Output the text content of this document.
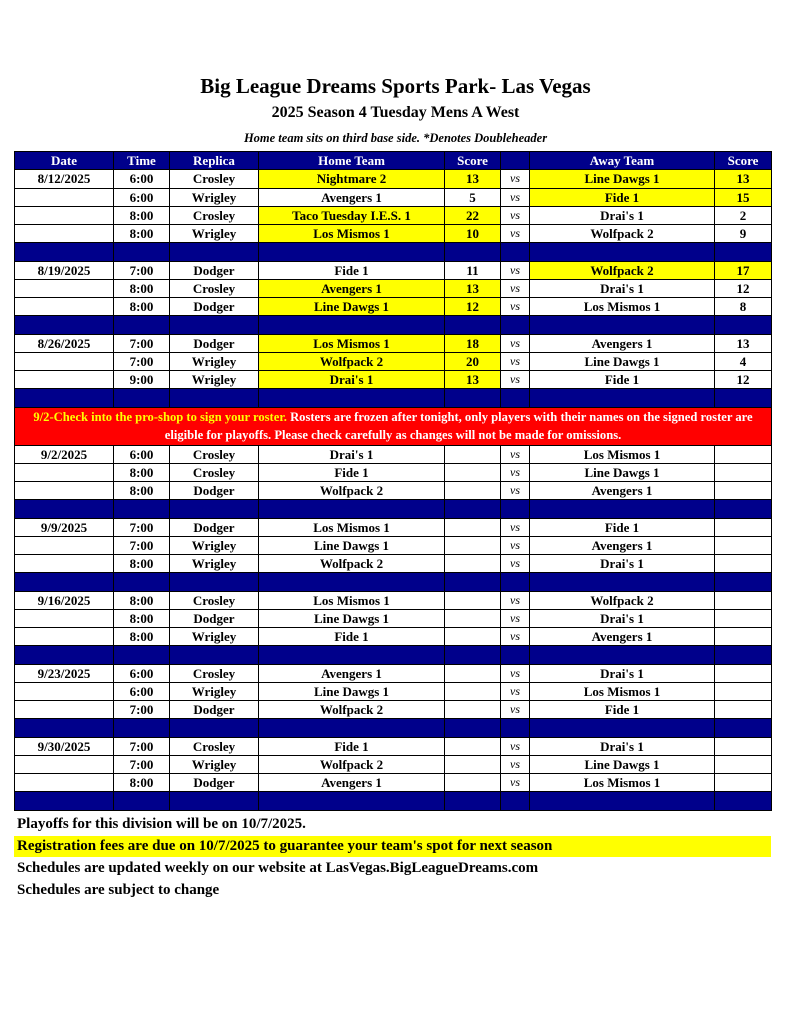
Big League Dreams Sports Park- Las Vegas
2025 Season 4 Tuesday Mens A West
Home team sits on third base side. *Denotes Doubleheader
Date	Time	Replica	Home Team	Score		Away Team	Score
8/12/2025	6:00	Crosley	Nightmare 2	13	vs	Line Dawgs 1	13
	6:00	Wrigley	Avengers 1	5	vs	Fide 1	15
	8:00	Crosley	Taco Tuesday I.E.S. 1	22	vs	Drai's 1	2
	8:00	Wrigley	Los Mismos 1	10	vs	Wolfpack 2	9

8/19/2025	7:00	Dodger	Fide 1	11	vs	Wolfpack 2	17
	8:00	Crosley	Avengers 1	13	vs	Drai's 1	12
	8:00	Dodger	Line Dawgs 1	12	vs	Los Mismos 1	8

8/26/2025	7:00	Dodger	Los Mismos 1	18	vs	Avengers 1	13
	7:00	Wrigley	Wolfpack 2	20	vs	Line Dawgs 1	4
	9:00	Wrigley	Drai's 1	13	vs	Fide 1	12

9/2-Check into the pro-shop to sign your roster. Rosters are frozen after tonight, only players with their names on the signed roster are eligible for playoffs. Please check carefully as changes will not be made for omissions.							
9/2/2025	6:00	Crosley	Drai's 1		vs	Los Mismos 1	
	8:00	Crosley	Fide 1		vs	Line Dawgs 1	
	8:00	Dodger	Wolfpack 2		vs	Avengers 1	

9/9/2025	7:00	Dodger	Los Mismos 1		vs	Fide 1	
	7:00	Wrigley	Line Dawgs 1		vs	Avengers 1	
	8:00	Wrigley	Wolfpack 2		vs	Drai's 1	

9/16/2025	8:00	Crosley	Los Mismos 1		vs	Wolfpack 2	
	8:00	Dodger	Line Dawgs 1		vs	Drai's 1	
	8:00	Wrigley	Fide 1		vs	Avengers 1	

9/23/2025	6:00	Crosley	Avengers 1		vs	Drai's 1	
	6:00	Wrigley	Line Dawgs 1		vs	Los Mismos 1	
	7:00	Dodger	Wolfpack 2		vs	Fide 1	

9/30/2025	7:00	Crosley	Fide 1		vs	Drai's 1	
	7:00	Wrigley	Wolfpack 2		vs	Line Dawgs 1	
	8:00	Dodger	Avengers 1		vs	Los Mismos 1	

Playoffs for this division will be on 10/7/2025.
Registration fees are due on 10/7/2025 to guarantee your team's spot for next season
Schedules are updated weekly on our website at LasVegas.BigLeagueDreams.com
Schedules are subject to change
